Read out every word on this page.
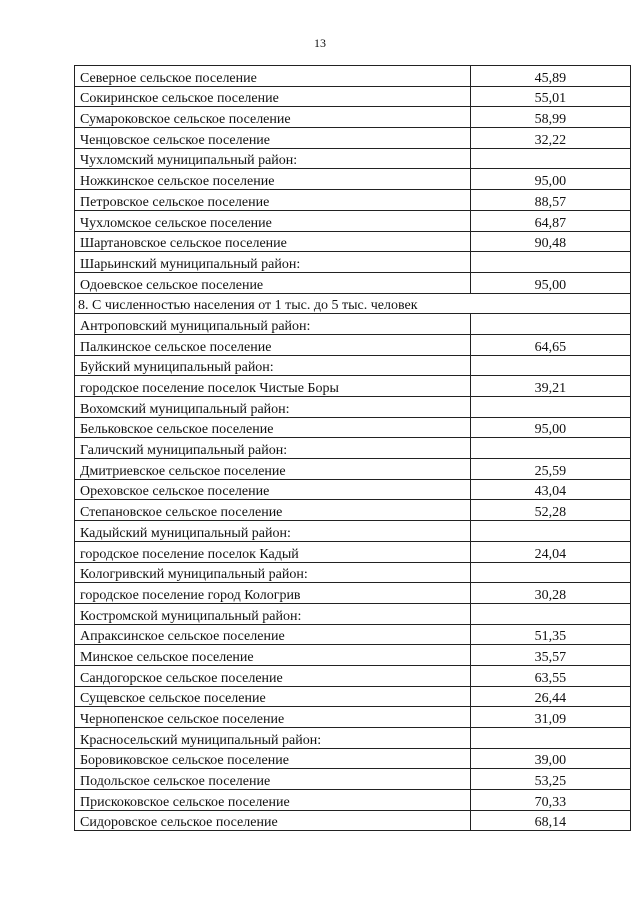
13
Северное сельское поселение	45,89
Сокиринское сельское поселение	55,01
Сумароковское сельское поселение	58,99
Ченцовское сельское поселение	32,22
Чухломский муниципальный район:	
Ножкинское сельское поселение	95,00
Петровское сельское поселение	88,57
Чухломское сельское поселение	64,87
Шартановское сельское поселение	90,48
Шарьинский муниципальный район:	
Одоевское сельское поселение	95,00
8. С численностью населения от 1 тыс. до 5 тыс. человек	
Антроповский муниципальный район:	
Палкинское сельское поселение	64,65
Буйский муниципальный район:	
городское поселение поселок Чистые Боры	39,21
Вохомский муниципальный район:	
Бельковское сельское поселение	95,00
Галичский муниципальный район:	
Дмитриевское сельское поселение	25,59
Ореховское сельское поселение	43,04
Степановское сельское поселение	52,28
Кадыйский муниципальный район:	
городское поселение поселок Кадый	24,04
Кологривский муниципальный район:	
городское поселение город Кологрив	30,28
Костромской муниципальный район:	
Апраксинское сельское поселение	51,35
Минское сельское поселение	35,57
Сандогорское сельское поселение	63,55
Сущевское сельское поселение	26,44
Чернопенское сельское поселение	31,09
Красносельский муниципальный район:	
Боровиковское сельское поселение	39,00
Подольское сельское поселение	53,25
Прискоковское сельское поселение	70,33
Сидоровское сельское поселение	68,14
